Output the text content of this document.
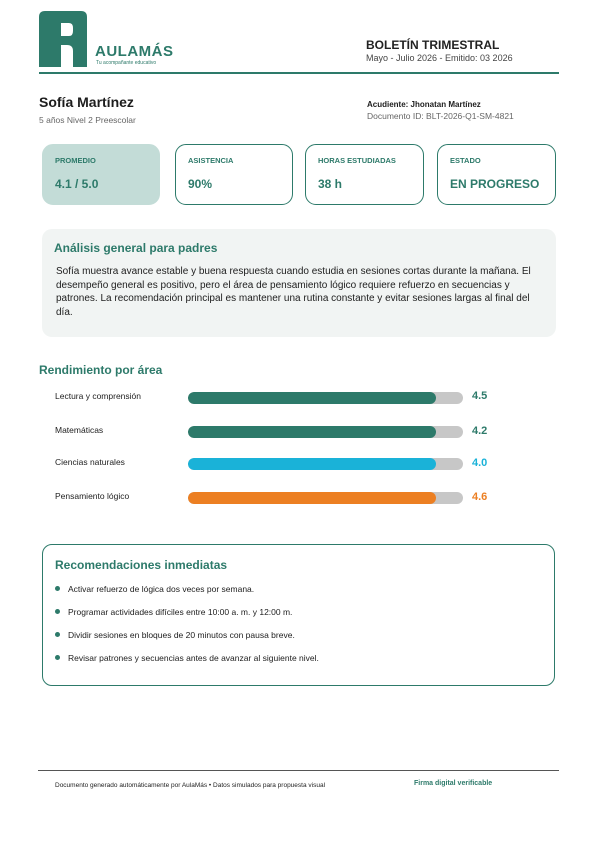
AULAMÁS
Tu acompañante educativo
BOLETÍN TRIMESTRAL
Mayo - Julio 2026 - Emitido: 03 2026
Sofía Martínez
5 años Nivel 2 Preescolar
Acudiente: Jhonatan Martínez
Documento ID: BLT-2026-Q1-SM-4821
PROMEDIO
4.1 / 5.0
ASISTENCIA
90%
HORAS ESTUDIADAS
38 h
ESTADO
EN PROGRESO
Análisis general para padres

Sofía muestra avance estable y buena respuesta cuando estudia en sesiones cortas durante la mañana. El desempeño general es positivo, pero el área de pensamiento lógico requiere refuerzo en secuencias y patrones. La recomendación principal es mantener una rutina constante y evitar sesiones largas al final del día.

Rendimiento por área
Lectura y comprensión	4.5
Matemáticas	4.2
Ciencias naturales	4.0
Pensamiento lógico	4.6
Recomendaciones inmediatas
Activar refuerzo de lógica dos veces por semana.
Programar actividades difíciles entre 10:00 a. m. y 12:00 m.
Dividir sesiones en bloques de 20 minutos con pausa breve.
Revisar patrones y secuencias antes de avanzar al siguiente nivel.
Documento generado automáticamente por AulaMás • Datos simulados para propuesta visual	Firma digital verificable
